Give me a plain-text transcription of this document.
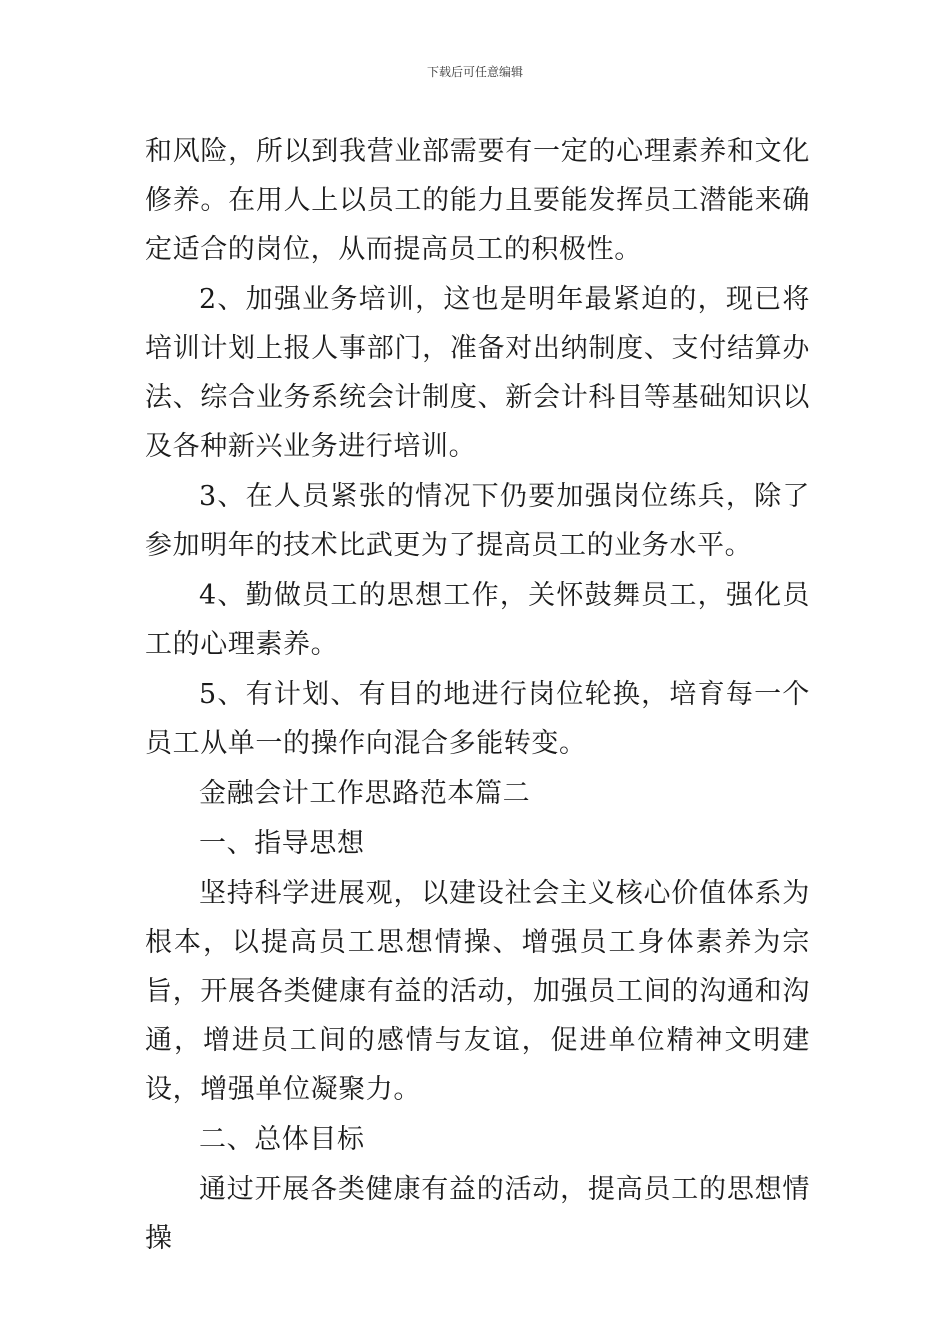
下载后可任意编辑

和风险，所以到我营业部需要有一定的心理素养和文化修养。在用人上以员工的能力且要能发挥员工潜能来确定适合的岗位，从而提高员工的积极性。

2、加强业务培训，这也是明年最紧迫的，现已将培训计划上报人事部门，准备对出纳制度、支付结算办法、综合业务系统会计制度、新会计科目等基础知识以及各种新兴业务进行培训。

3、在人员紧张的情况下仍要加强岗位练兵，除了参加明年的技术比武更为了提高员工的业务水平。

4、勤做员工的思想工作，关怀鼓舞员工，强化员工的心理素养。

5、有计划、有目的地进行岗位轮换，培育每一个员工从单一的操作向混合多能转变。

金融会计工作思路范本篇二

一、指导思想

坚持科学进展观，以建设社会主义核心价值体系为根本，以提高员工思想情操、增强员工身体素养为宗旨，开展各类健康有益的活动，加强员工间的沟通和沟通，增进员工间的感情与友谊，促进单位精神文明建设，增强单位凝聚力。

二、总体目标

通过开展各类健康有益的活动，提高员工的思想情操
